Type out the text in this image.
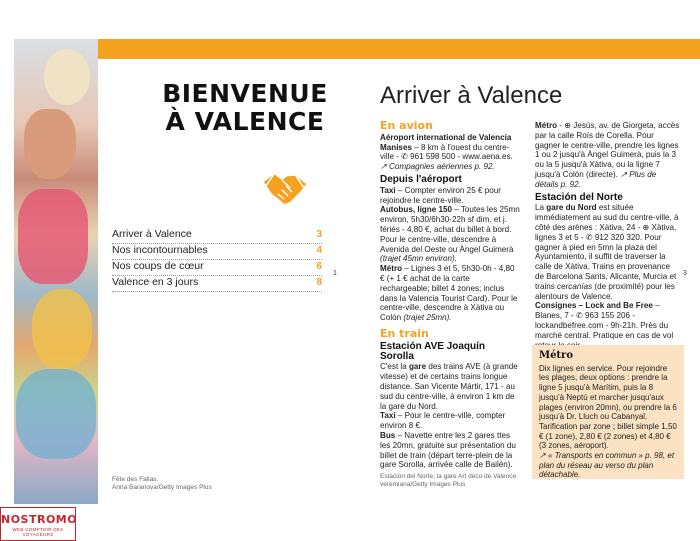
BIENVENUE
À VALENCE
Arriver à Valence	3
Nos incontournables	4
Nos coups de cœur	6
Valence en 3 jours	8
1
Fête des Fallas.
Anna Baranova/Getty Images Plus
NOSTROMO
WEB COMPTOIR DES VOYAGEURS
Arriver à Valence
En avion

Aéroport international de Valencia Manises – 8 km à l'ouest du centre-ville - ✆ 961 598 500 - www.aena.es. ↗ Compagnies aériennes p. 92.

Depuis l'aéroport

Taxi – Compter environ 25 € pour rejoindre le centre-ville.

Autobus, ligne 150 – Toutes les 25mn environ, 5h30/6h30-22h sf dim. et j. fériés - 4,80 €, achat du billet à bord. Pour le centre-ville, descendre à Avenida del Oeste ou Àngel Guimerà (trajet 45mn environ).

Métro – Lignes 3 et 5, 5h30-0h - 4,80 € (+ 1 € achat de la carte rechargeable; billet 4 zones; inclus dans la Valencia Tourist Card). Pour le centre-ville, descendre à Xàtiva ou Colón (trajet 25mn).

En train
Estación AVE Joaquín Sorolla

C'est la gare des trains AVE (à grande vitesse) et de certains trains longue distance. San Vicente Mártir, 171 - au sud du centre-ville, à environ 1 km de la gare du Nord.

Taxi – Pour le centre-ville, compter environ 8 €.

Bus – Navette entre les 2 gares ttes les 20mn, gratuite sur présentation du billet de train (départ terre-plein de la gare Sorolla, arrivée calle de Bailén).

Métro - ⊕ Jesús, av. de Giorgeta, accès par la calle Roís de Corella. Pour gagner le centre-ville, prendre les lignes 1 ou 2 jusqu'à Àngel Guimerà, puis la 3 ou la 5 jusqu'à Xàtiva, ou la ligne 7 jusqu'à Colón (directe). ↗ Plus de détails p. 92.

Estación del Norte

La gare du Nord est située immédiatement au sud du centre-ville, à côté des arènes : Xàtiva, 24 - ⊕ Xàtiva, lignes 3 et 5 - ✆ 912 320 320. Pour gagner à pied en 5mn la plaza del Ayuntamiento, il suffit de traverser la calle de Xàtiva. Trains en provenance de Barcelona Sants, Alicante, Murcia et trains cercanías (de proximité) pour les alentours de Valence.

Consignes – Lock and Be Free – Blanes, 7 - ✆ 963 155 206 - lockandbefree.com - 9h-21h. Près du marché central. Pratique en cas de vol

Métro
Dix lignes en service. Pour rejoindre les plages, deux options : prendre la ligne 5 jusqu'à Marítim, puis la 8 jusqu'à Neptú et marcher jusqu'aux plages (environ 20mn), ou prendre la 6 jusqu'à Dr. Lluch ou Cabanyal. Tarification par zone ; billet simple 1,50 € (1 zone), 2,80 € (2 zones) et 4,80 € (3 zones, aéroport).
↗ « Transports en commun » p. 98, et plan du réseau au verso du plan détachable.
3
Estación del Norte, la gare Art déco de Valence.
veremiana/Getty Images Plus
